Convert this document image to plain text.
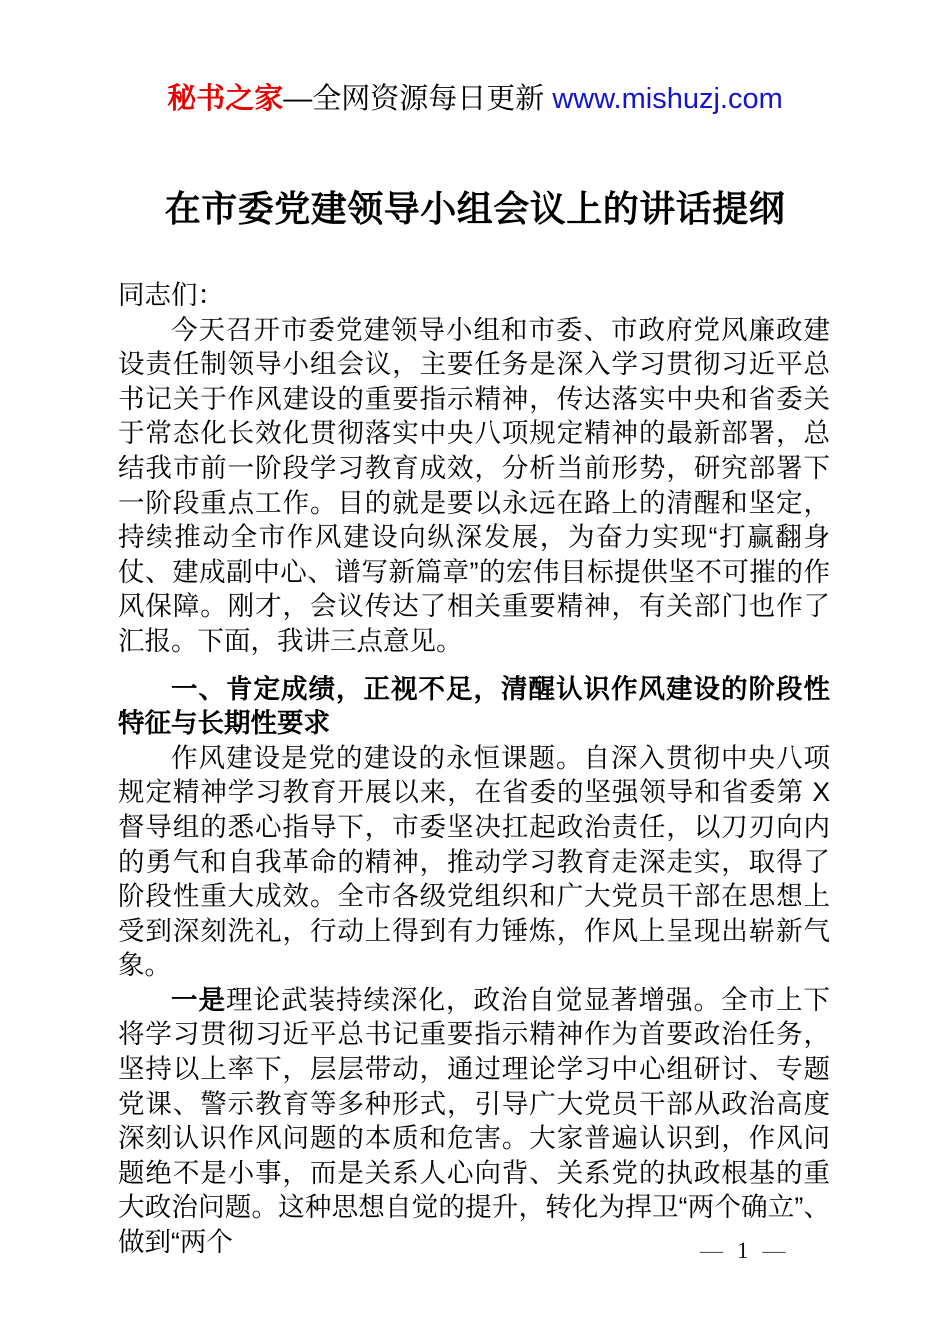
秘书之家—全网资源每日更新 www.mishuzj.com
在市委党建领导小组会议上的讲话提纲

同志们：

今天召开市委党建领导小组和市委、市政府党风廉政建设责任制领导小组会议，主要任务是深入学习贯彻习近平总书记关于作风建设的重要指示精神，传达落实中央和省委关于常态化长效化贯彻落实中央八项规定精神的最新部署，总结我市前一阶段学习教育成效，分析当前形势，研究部署下一阶段重点工作。目的就是要以永远在路上的清醒和坚定，持续推动全市作风建设向纵深发展，为奋力实现“打赢翻身仗、建成副中心、谱写新篇章”的宏伟目标提供坚不可摧的作风保障。刚才，会议传达了相关重要精神，有关部门也作了汇报。下面，我讲三点意见。

一、肯定成绩，正视不足，清醒认识作风建设的阶段性特征与长期性要求

作风建设是党的建设的永恒课题。自深入贯彻中央八项规定精神学习教育开展以来，在省委的坚强领导和省委第 X 督导组的悉心指导下，市委坚决扛起政治责任，以刀刃向内的勇气和自我革命的精神，推动学习教育走深走实，取得了阶段性重大成效。全市各级党组织和广大党员干部在思想上受到深刻洗礼，行动上得到有力锤炼，作风上呈现出崭新气象。

一是理论武装持续深化，政治自觉显著增强。全市上下将学习贯彻习近平总书记重要指示精神作为首要政治任务，坚持以上率下，层层带动，通过理论学习中心组研讨、专题党课、警示教育等多种形式，引导广大党员干部从政治高度深刻认识作风问题的本质和危害。大家普遍认识到，作风问题绝不是小事，而是关系人心向背、关系党的执政根基的重大政治问题。这种思想自觉的提升，转化为捍卫“两个确立”、做到“两个	— 1 —
